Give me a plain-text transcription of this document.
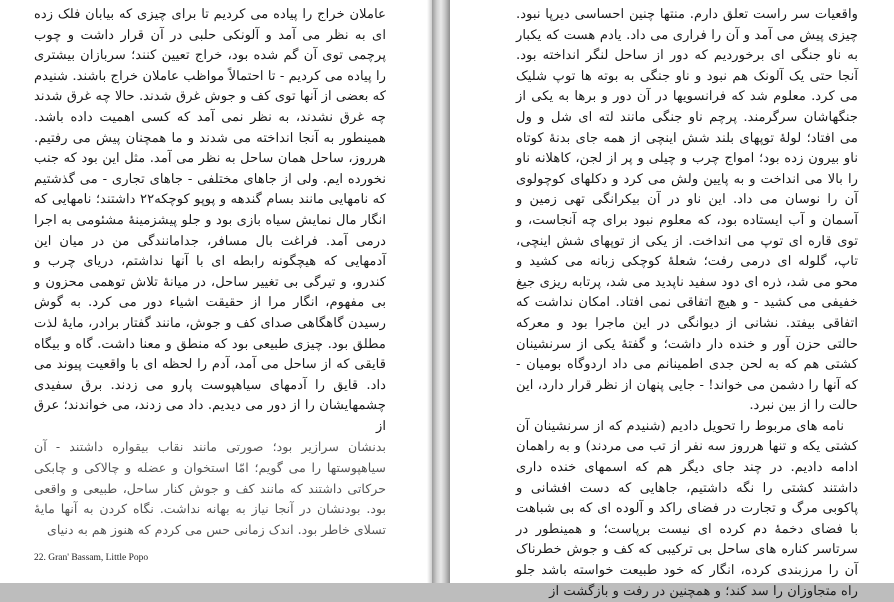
عاملان خراج را پیاده می کردیم تا برای چیزی که بیابان فلک زده ای به نظر می آمد و آلونکی حلبی در آن قرار داشت و چوب پرچمی توی آن گم شده بود، خراج تعیین کنند؛ سربازان بیشتری را پیاده می کردیم - تا احتمالاً مواظب عاملان خراج باشند. شنیدم که بعضی از آنها توی کف و جوش غرق شدند. حالا چه غرق شدند چه غرق نشدند، به نظر نمی آمد که کسی اهمیت داده باشد. همینطور به آنجا انداخته می شدند و ما همچنان پیش می رفتیم. هرروز، ساحل همان ساحل به نظر می آمد. مثل این بود که جنب نخورده ایم. ولی از جاهای مختلفی - جاهای تجاری - می گذشتیم که نامهایی مانند بسام گندهه و پوپو کوچکه۲۲ داشتند؛ نامهایی که انگار مال نمایش سیاه بازی بود و جلو پیشزمینهٔ مشئومی به اجرا درمی آمد. فراغت بال مسافر، جدامانندگی من در میان این آدمهایی که هیچگونه رابطه ای با آنها نداشتم، دریای چرب و کندرو، و تیرگی بی تغییر ساحل، در میانهٔ تلاش توهمی محزون و بی مفهوم، انگار مرا از حقیقت اشیاء دور می کرد. به گوش رسیدن گاهگاهی صدای کف و جوش، مانند گفتار برادر، مایهٔ لذت مطلق بود. چیزی طبیعی بود که منطق و معنا داشت. گاه و بیگاه قایقی که از ساحل می آمد، آدم را لحظه ای با واقعیت پیوند می داد. قایق را آدمهای سیاهپوست پارو می زدند. برق سفیدی چشمهایشان را از دور می دیدیم. داد می زدند، می خواندند؛ عرق از

بدنشان سرازیر بود؛ صورتی مانند نقاب بیقواره داشتند - آن سیاهپوستها را می گویم؛ امّا استخوان و عضله و چالاکی و چابکی حرکاتی داشتند که مانند کف و جوش کنار ساحل، طبیعی و واقعی بود. بودنشان در آنجا نیاز به بهانه نداشت. نگاه کردن به آنها مایهٔ تسلای خاطر بود. اندک زمانی حس می کردم که هنوز هم به دنیای

22. Gran' Bassam, Little Popo

واقعیات سر راست تعلق دارم. منتها چنین احساسی دیرپا نبود. چیزی پیش می آمد و آن را فراری می داد. یادم هست که یکبار به ناو جنگی ای برخوردیم که دور از ساحل لنگر انداخته بود. آنجا حتی یک آلونک هم نبود و ناو جنگی به بوته ها توپ شلیک می کرد. معلوم شد که فرانسویها در آن دور و برها به یکی از جنگهاشان سرگرمند. پرچم ناو جنگی مانند لته ای شل و ول می افتاد؛ لولهٔ توپهای بلند شش اینچی از همه جای بدنهٔ کوتاه ناو بیرون زده بود؛ امواج چرب و چیلی و پر از لجن، کاهلانه ناو را بالا می انداخت و به پایین ولش می کرد و دکلهای کوچولوی آن را نوسان می داد. این ناو در آن بیکرانگی تهی زمین و آسمان و آب ایستاده بود، که معلوم نبود برای چه آنجاست، و توی قاره ای توپ می انداخت. از یکی از توپهای شش اینچی، تاپ، گلوله ای درمی رفت؛ شعلهٔ کوچکی زبانه می کشید و محو می شد، ذره ای دود سفید ناپدید می شد، پرتابه ریزی جیغ خفیفی می کشید - و هیچ اتفاقی نمی افتاد. امکان نداشت که اتفاقی بیفتد. نشانی از دیوانگی در این ماجرا بود و معرکه حالتی حزن آور و خنده دار داشت؛ و گفتهٔ یکی از سرنشینان کشتی هم که به لحن جدی اطمینانم می داد اردوگاه بومیان - که آنها را دشمن می خواند! - جایی پنهان از نظر قرار دارد، این حالت را از بین نبرد.

نامه های مربوط را تحویل دادیم (شنیدم که از سرنشینان آن کشتی یکه و تنها هرروز سه نفر از تب می مردند) و به راهمان ادامه دادیم. در چند جای دیگر هم که اسمهای خنده داری داشتند کشتی را نگه داشتیم، جاهایی که دست افشانی و پاکوبی مرگ و تجارت در فضای راکد و آلوده ای که بی شباهت با فضای دخمهٔ دم کرده ای نیست برپاست؛ و همینطور در سرتاسر کناره های ساحل بی ترکیبی که کف و جوش خطرناک آن را مرزبندی کرده، انگار که خود طبیعت خواسته باشد جلو راه متجاوزان را سد کند؛ و همچنین در رفت و بازگشت از
